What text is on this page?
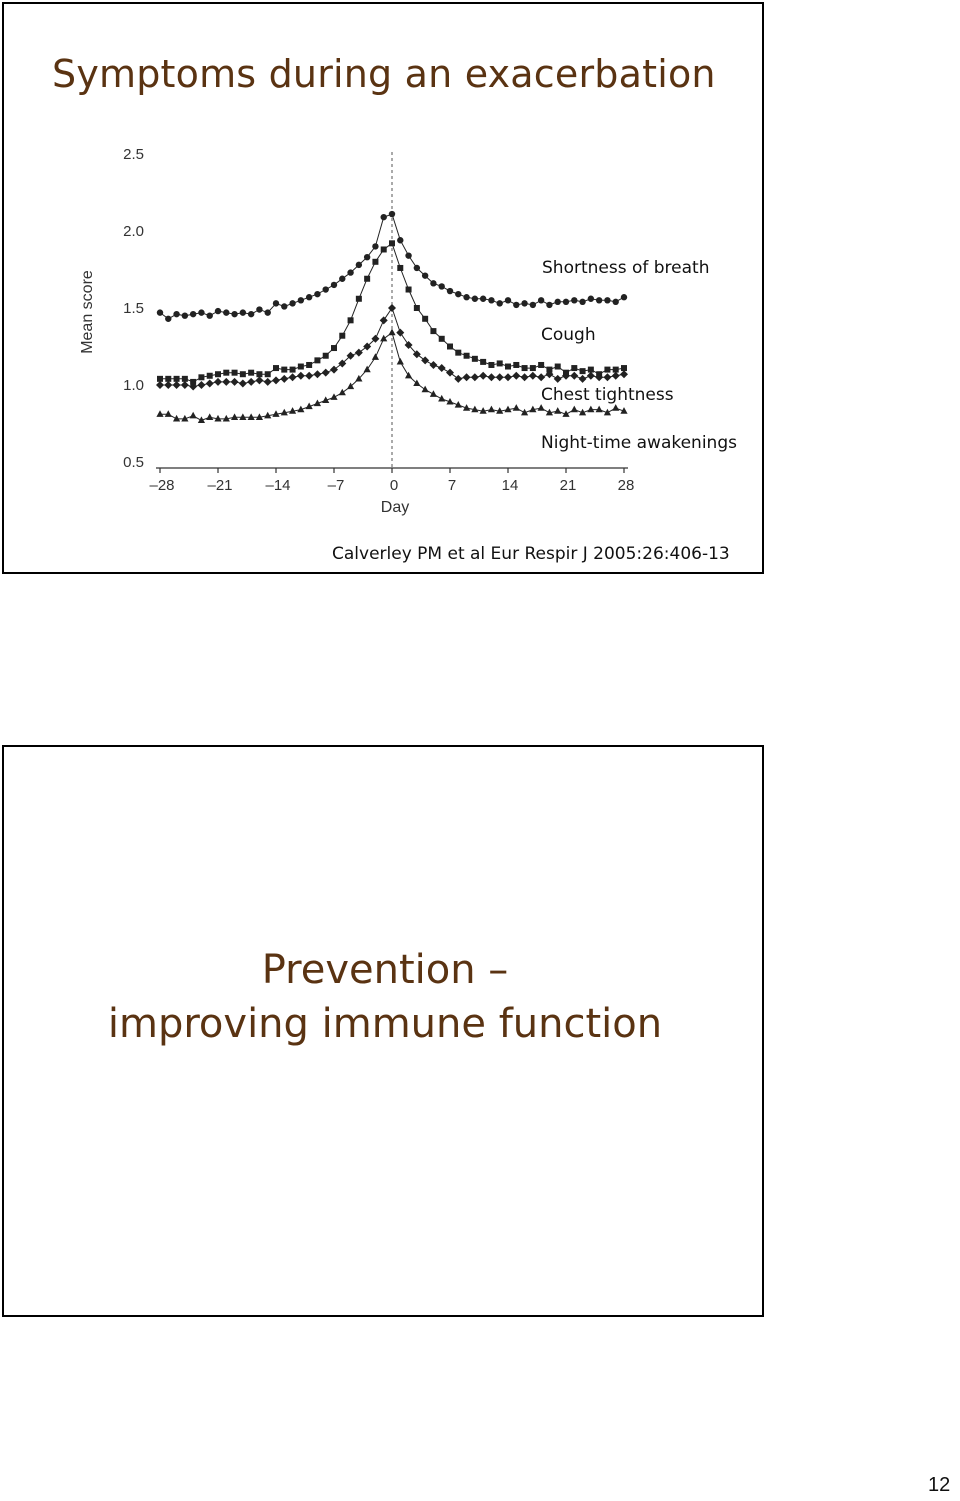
Symptoms during an exacerbation
0.5
1.0
1.5
2.0
2.5
–28 –21 –14 –7	0	7	14	21	28
Day
Mean score
Shortness of breath
Cough
Chest tightness
Night-time awakenings
Calverley PM et al Eur Respir J 2005:26:406-13
Prevention –
improving immune function
12
